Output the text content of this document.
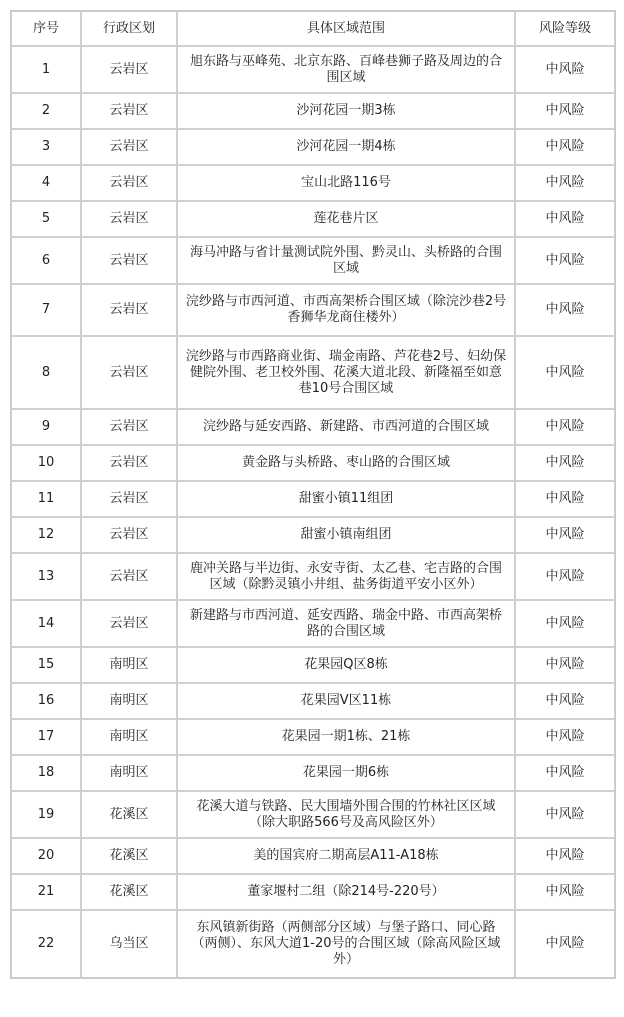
序号	行政区划	具体区域范围	风险等级
1	云岩区	旭东路与巫峰苑、北京东路、百峰巷狮子路及周边的合围区域	中风险
2	云岩区	沙河花园一期3栋	中风险
3	云岩区	沙河花园一期4栋	中风险
4	云岩区	宝山北路116号	中风险
5	云岩区	莲花巷片区	中风险
6	云岩区	海马冲路与省计量测试院外围、黔灵山、头桥路的合围区域	中风险
7	云岩区	浣纱路与市西河道、市西高架桥合围区域（除浣沙巷2号香狮华龙商住楼外）	中风险
8	云岩区	浣纱路与市西路商业街、瑞金南路、芦花巷2号、妇幼保健院外围、老卫校外围、花溪大道北段、新隆福至如意巷10号合围区域	中风险
9	云岩区	浣纱路与延安西路、新建路、市西河道的合围区域	中风险
10	云岩区	黄金路与头桥路、枣山路的合围区域	中风险
11	云岩区	甜蜜小镇11组团	中风险
12	云岩区	甜蜜小镇南组团	中风险
13	云岩区	鹿冲关路与半边街、永安寺街、太乙巷、宅吉路的合围区域（除黔灵镇小井组、盐务街道平安小区外）	中风险
14	云岩区	新建路与市西河道、延安西路、瑞金中路、市西高架桥路的合围区域	中风险
15	南明区	花果园Q区8栋	中风险
16	南明区	花果园V区11栋	中风险
17	南明区	花果园一期1栋、21栋	中风险
18	南明区	花果园一期6栋	中风险
19	花溪区	花溪大道与铁路、民大围墙外围合围的竹林社区区域（除大职路566号及高风险区外）	中风险
20	花溪区	美的国宾府二期高层A11-A18栋	中风险
21	花溪区	董家堰村二组（除214号-220号）	中风险
22	乌当区	东风镇新街路（两侧部分区域）与堡子路口、同心路（两侧）、东风大道1-20号的合围区域（除高风险区域外）	中风险
